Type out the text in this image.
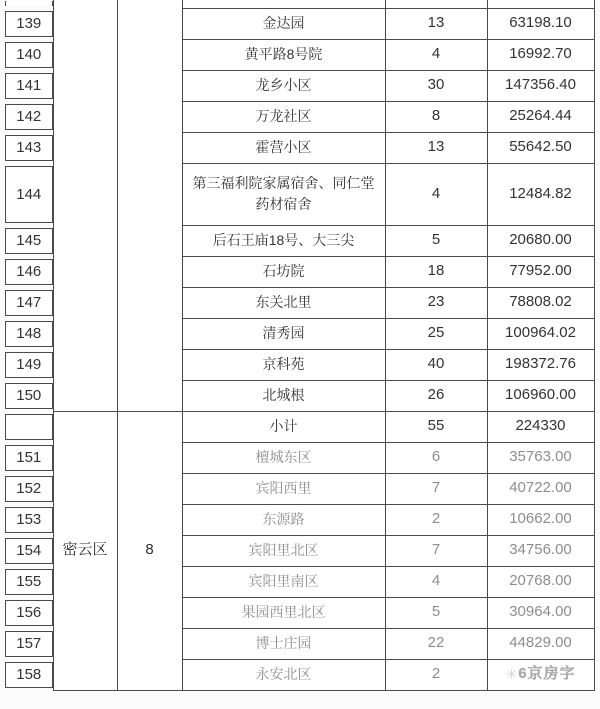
139			金达园	13	63198.10

140			黄平路8号院	4	16992.70

141			龙乡小区	30	147356.40

142			万龙社区	8	25264.44

143			霍营小区	13	55642.50

144			第三福利院家属宿舍、同仁堂药材宿舍	4	12484.82

145			后石王庙18号、大三尖	5	20680.00

146			石坊院	18	77952.00

147			东关北里	23	78808.02

148			清秀园	25	100964.02

149			京科苑	40	198372.76

150			北城根	26	106960.00

	密云区	8	小计	55	224330

151			檀城东区	6	35763.00

152			宾阳西里	7	40722.00

153			东源路	2	10662.00

154			宾阳里北区	7	34756.00

155			宾阳里南区	4	20768.00

156			果园西里北区	5	30964.00

157			博士庄园	22	44829.00

158			永安北区	2	✳ 6京房字
